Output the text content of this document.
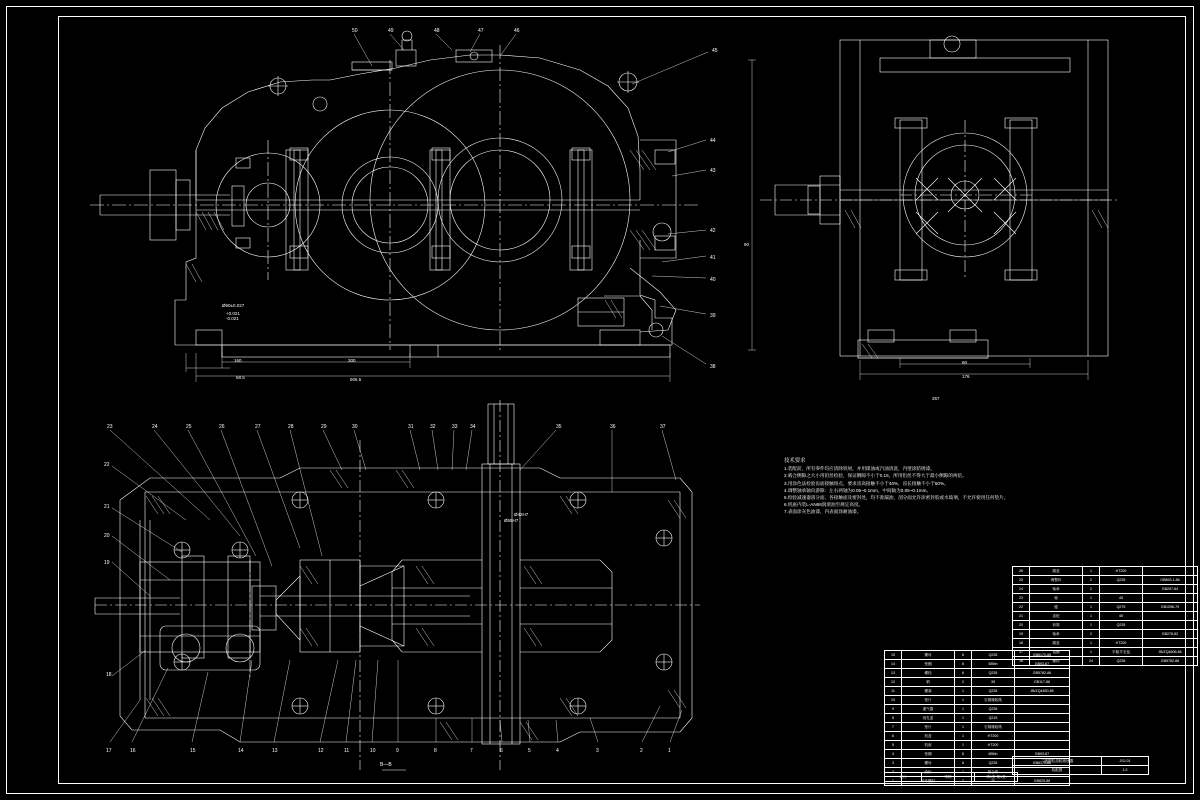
50	49	48	47	46
45
44
43
42
41
40
39
38
23	24	25	26	27	28	29	30	31	32	33 34	35	36	37
22
21
20
19
18
17	16	15	14	13	12	11	10	9	8	7	6	5	4	3	2	1
160	300
58.5	506.5
Ø60±0.027
+0.021
-0.021
60
176
267
90
Ø42H7
Ø55H7
技术要求
1.装配前，所有零件均应清除铁屑，并用煤油或汽油清洗，内壁涂防锈漆。
2.啮合侧隙之大小用铅丝检验，保证侧隙不小于0.16，所用铅丝不得大于最小侧隙的两倍。
3.用涂色法检验齿面接触斑点，要求齿高接触不小于40%，齿长接触不小于50%。
4.调整轴承轴向游隙：左右两轴为0.05~0.1mm，中间轴为0.05~0.1mm。
5.检验减速器剖分面、各接触面及密封处，均不准漏油，剖分面允许涂密封胶或水玻璃，不允许使用任何垫片。
6.机座内装L-AN68润滑油至规定高度。
7.表面涂灰色油漆，内表面涂耐油漆。
B—B
26	端盖	1	HT200	
25	调整环	2	Q235	GB893.1-86
24	轴承	2		GB297-84
23	轴	1	45	
22	键	1	Q275	GB1096-79
21	齿轮	1	45	
20	套筒	1	Q235	
19	轴承	2		GB276-82
18	端盖	1	HT200	
17	毡圈	1	半粗羊毛毡	JB/ZQ4606-86
16	螺栓	24	Q235	GB5782-86
15	螺母	6	Q235	GB6170-86
14	垫圈	6	65Mn	GB93-87
13	螺栓	6	Q235	GB5782-86
12	销	2	35	GB117-86
11	螺塞	1	Q235	JB/ZQ4450-86
10	垫片	1	石棉橡胶纸	
9	通气器	1	Q235	
8	视孔盖	1	Q215	
7	垫片	1	石棉橡胶纸	
6	机盖	1	HT200	
5	机座	1	HT200	
4	垫圈	6	65Mn	GB93-87
3	螺母	6	Q235	GB6170-86
2	油标	1	组合件	
1	吊环螺钉	2	20	GB825-88
二级圆柱齿轮减速器	JSJ-01
装配图	1:2
设计	审核	共1张 第1张
